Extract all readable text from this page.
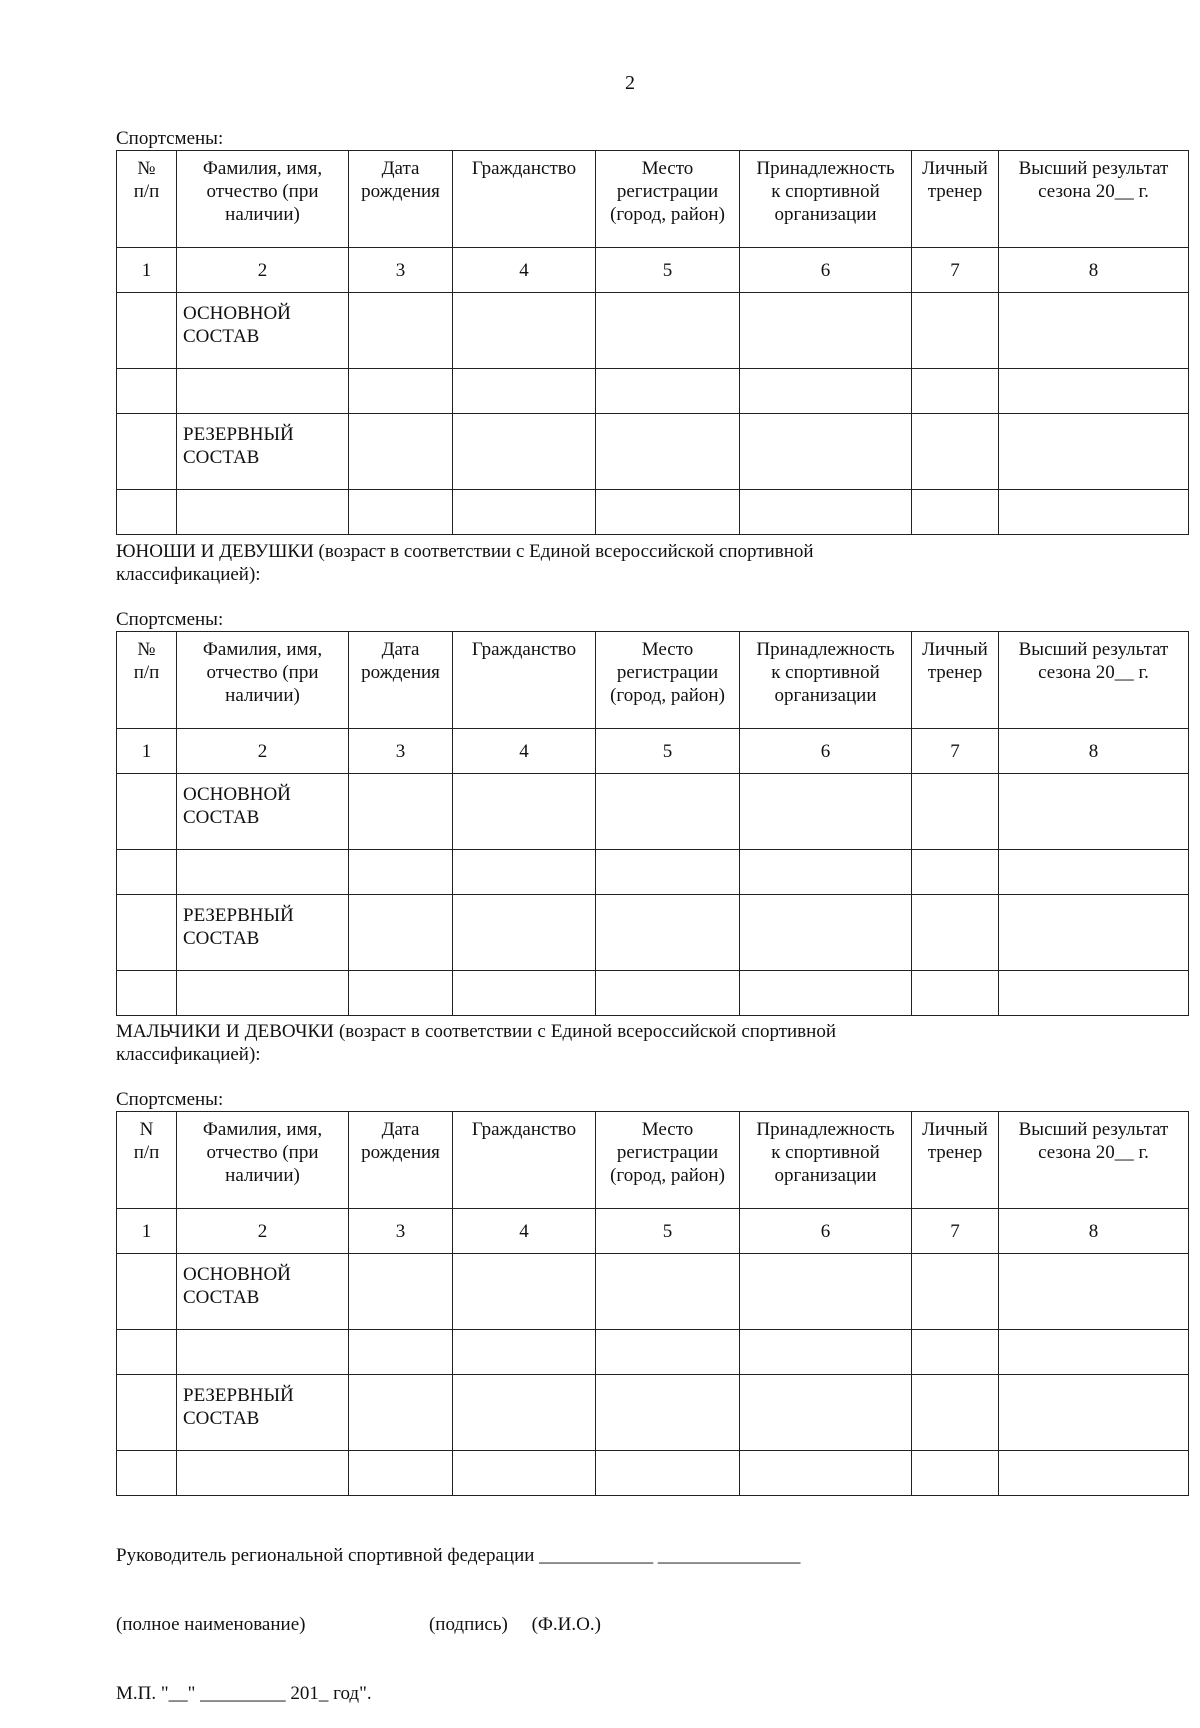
2
Спортсмены:
№
п/п	Фамилия, имя,
отчество (при
наличии)	Дата
рождения	Гражданство	Место
регистрации
(город, район)	Принадлежность
к спортивной
организации	Личный
тренер	Высший результат
сезона 20__ г.
1	2	3	4	5	6	7	8
	ОСНОВНОЙ
СОСТАВ						

	РЕЗЕРВНЫЙ
СОСТАВ						

ЮНОШИ И ДЕВУШКИ (возраст в соответствии с Единой всероссийской спортивной классификацией):
Спортсмены:
№
п/п	Фамилия, имя,
отчество (при
наличии)	Дата
рождения	Гражданство	Место
регистрации
(город, район)	Принадлежность
к спортивной
организации	Личный
тренер	Высший результат
сезона 20__ г.
1	2	3	4	5	6	7	8
	ОСНОВНОЙ
СОСТАВ						

	РЕЗЕРВНЫЙ
СОСТАВ						

МАЛЬЧИКИ И ДЕВОЧКИ (возраст в соответствии с Единой всероссийской спортивной классификацией):
Спортсмены:
N
п/п	Фамилия, имя,
отчество (при
наличии)	Дата
рождения	Гражданство	Место
регистрации
(город, район)	Принадлежность
к спортивной
организации	Личный
тренер	Высший результат
сезона 20__ г.
1	2	3	4	5	6	7	8
	ОСНОВНОЙ
СОСТАВ						

	РЕЗЕРВНЫЙ
СОСТАВ						

Руководитель региональной спортивной федерации ____________ _______________

(полное наименование)                          (подпись)     (Ф.И.О.)

М.П. "__" _________ 201_ год".
